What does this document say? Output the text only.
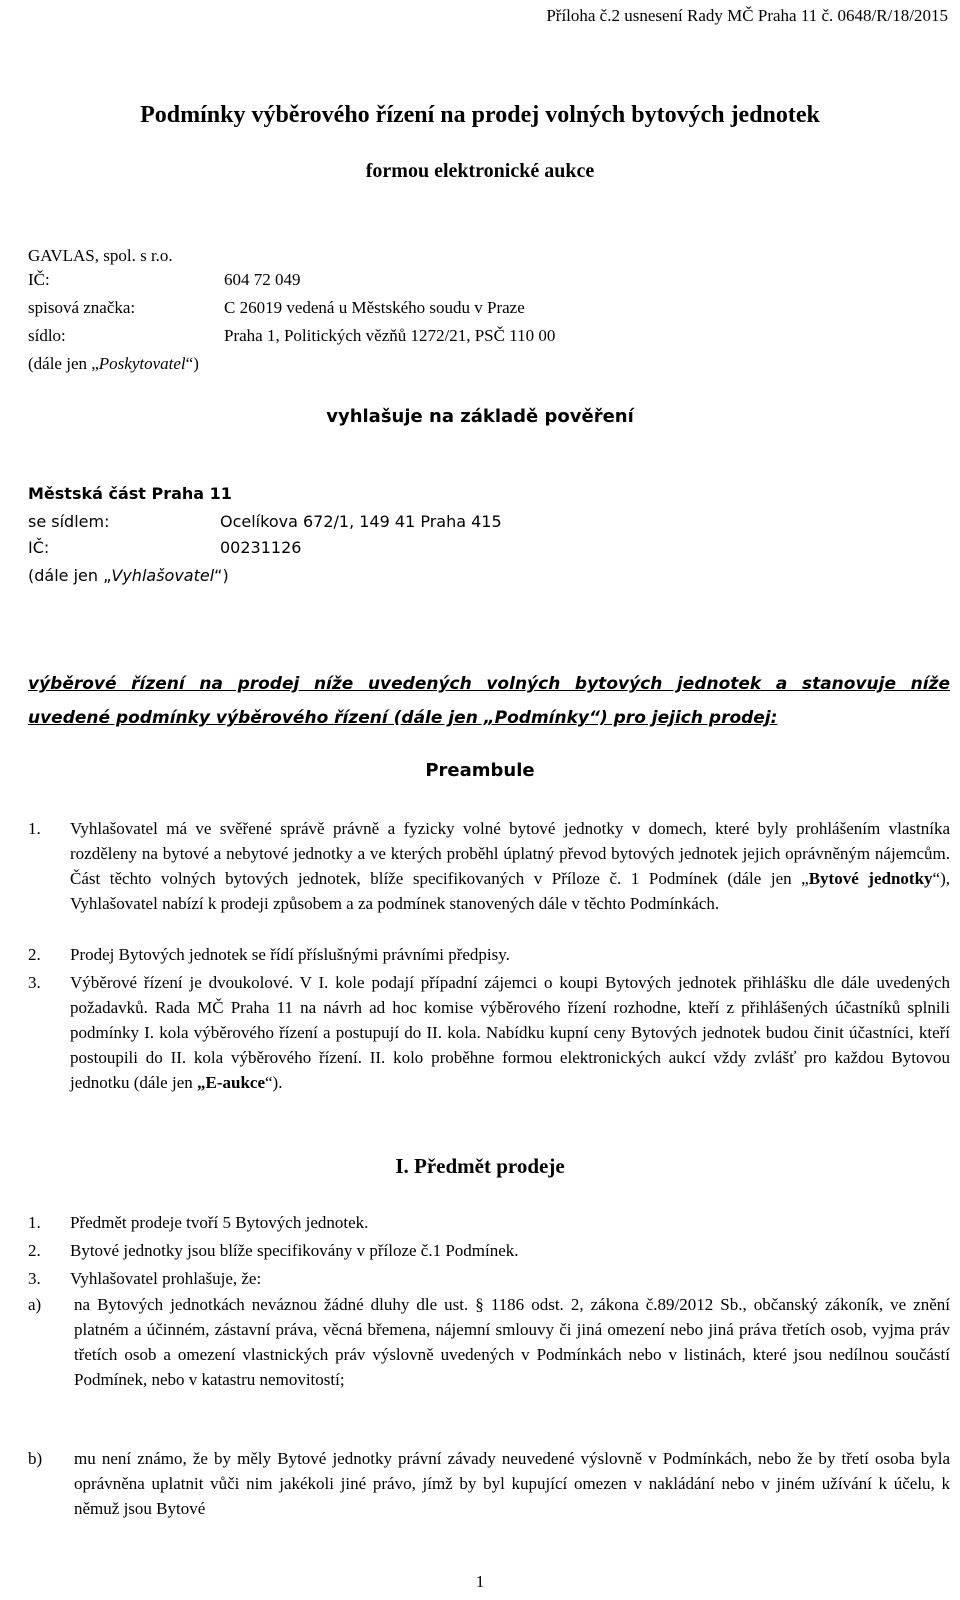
Příloha č.2 usnesení Rady MČ Praha 11 č. 0648/R/18/2015
Podmínky výběrového řízení na prodej volných bytových jednotek
formou elektronické aukce
GAVLAS, spol. s r.o.
IČ:	604 72 049
spisová značka:	C 26019 vedená u Městského soudu v Praze
sídlo:	Praha 1, Politických vězňů 1272/21, PSČ 110 00
(dále jen „Poskytovatel“)
vyhlašuje na základě pověření
Městská část Praha 11
se sídlem:	Ocelíkova 672/1, 149 41 Praha 415
IČ:	00231126
(dále jen „Vyhlašovatel“)
výběrové řízení na prodej níže uvedených volných bytových jednotek a stanovuje níže
uvedené podmínky výběrového řízení (dále jen „Podmínky“) pro jejich prodej:
Preambule
1. Vyhlašovatel má ve svěřené správě právně a fyzicky volné bytové jednotky v domech, které byly prohlášením vlastníka rozděleny na bytové a nebytové jednotky a ve kterých proběhl úplatný převod bytových jednotek jejich oprávněným nájemcům. Část těchto volných bytových jednotek, blíže specifikovaných v Příloze č. 1 Podmínek (dále jen „Bytové jednotky“), Vyhlašovatel nabízí k prodeji způsobem a za podmínek stanovených dále v těchto Podmínkách.
2. Prodej Bytových jednotek se řídí příslušnými právními předpisy.
3. Výběrové řízení je dvoukolové. V I. kole podají případní zájemci o koupi Bytových jednotek přihlášku dle dále uvedených požadavků. Rada MČ Praha 11 na návrh ad hoc komise výběrového řízení rozhodne, kteří z přihlášených účastníků splnili podmínky I. kola výběrového řízení a postupují do II. kola. Nabídku kupní ceny Bytových jednotek budou činit účastníci, kteří postoupili do II. kola výběrového řízení. II. kolo proběhne formou elektronických aukcí vždy zvlášť pro každou Bytovou jednotku (dále jen „E-aukce“).
I. Předmět prodeje
1. Předmět prodeje tvoří 5 Bytových jednotek.
2. Bytové jednotky jsou blíže specifikovány v příloze č.1 Podmínek.
3. Vyhlašovatel prohlašuje, že:
a) na Bytových jednotkách neváznou žádné dluhy dle ust. § 1186 odst. 2, zákona č.89/2012 Sb., občanský zákoník, ve znění platném a účinném, zástavní práva, věcná břemena, nájemní smlouvy či jiná omezení nebo jiná práva třetích osob, vyjma práv třetích osob a omezení vlastnických práv výslovně uvedených v Podmínkách nebo v listinách, které jsou nedílnou součástí Podmínek, nebo v katastru nemovitostí;
b) mu není známo, že by měly Bytové jednotky právní závady neuvedené výslovně v Podmínkách, nebo že by třetí osoba byla oprávněna uplatnit vůči nim jakékoli jiné právo, jímž by byl kupující omezen v nakládání nebo v jiném užívání k účelu, k němuž jsou Bytové
1
